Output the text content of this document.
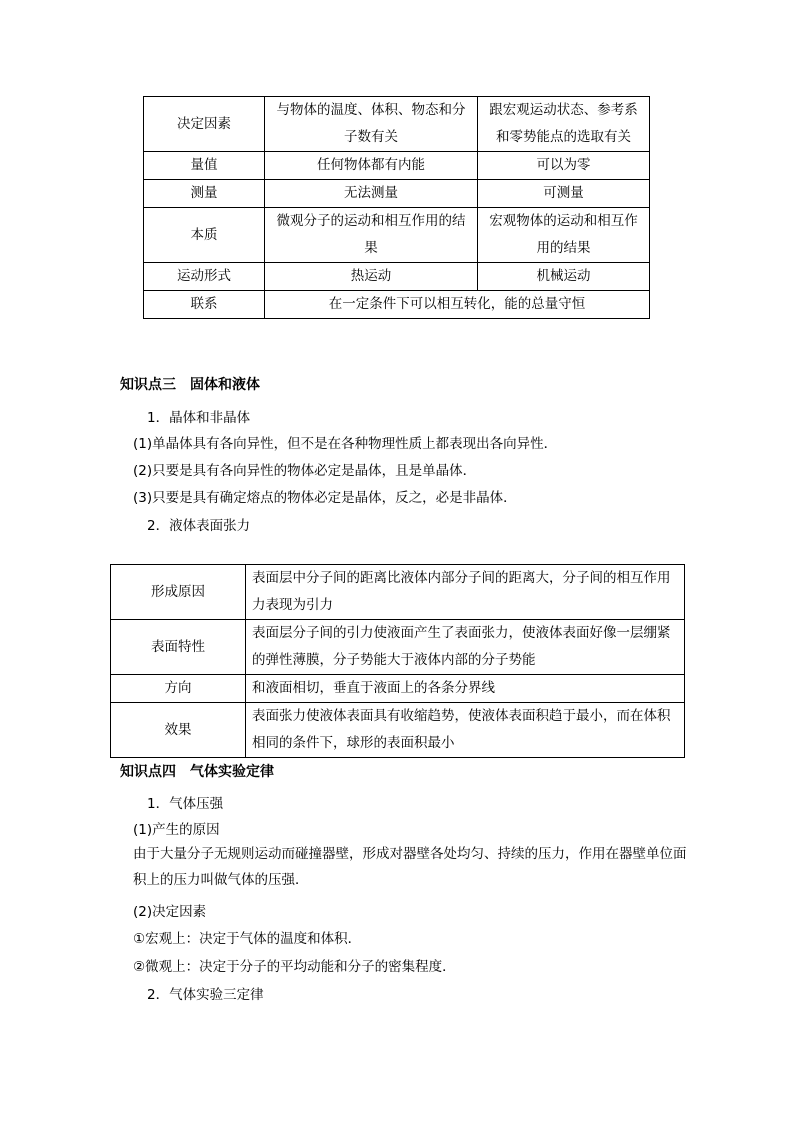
决定因素	与物体的温度、体积、物态和分子数有关	跟宏观运动状态、参考系和零势能点的选取有关
量值	任何物体都有内能	可以为零
测量	无法测量	可测量
本质	微观分子的运动和相互作用的结果	宏观物体的运动和相互作用的结果
运动形式	热运动	机械运动
联系	在一定条件下可以相互转化，能的总量守恒	
知识点三　固体和液体
1．晶体和非晶体
(1)单晶体具有各向异性，但不是在各种物理性质上都表现出各向异性．
(2)只要是具有各向异性的物体必定是晶体，且是单晶体．
(3)只要是具有确定熔点的物体必定是晶体，反之，必是非晶体．
2．液体表面张力
形成原因	表面层中分子间的距离比液体内部分子间的距离大，分子间的相互作用力表现为引力
表面特性	表面层分子间的引力使液面产生了表面张力，使液体表面好像一层绷紧的弹性薄膜，分子势能大于液体内部的分子势能
方向	和液面相切，垂直于液面上的各条分界线
效果	表面张力使液体表面具有收缩趋势，使液体表面积趋于最小，而在体积相同的条件下，球形的表面积最小
知识点四　气体实验定律
1．气体压强
(1)产生的原因
由于大量分子无规则运动而碰撞器壁，形成对器壁各处均匀、持续的压力，作用在器壁单位面积上的压力叫做气体的压强．
(2)决定因素
①宏观上：决定于气体的温度和体积．
②微观上：决定于分子的平均动能和分子的密集程度．
2．气体实验三定律
